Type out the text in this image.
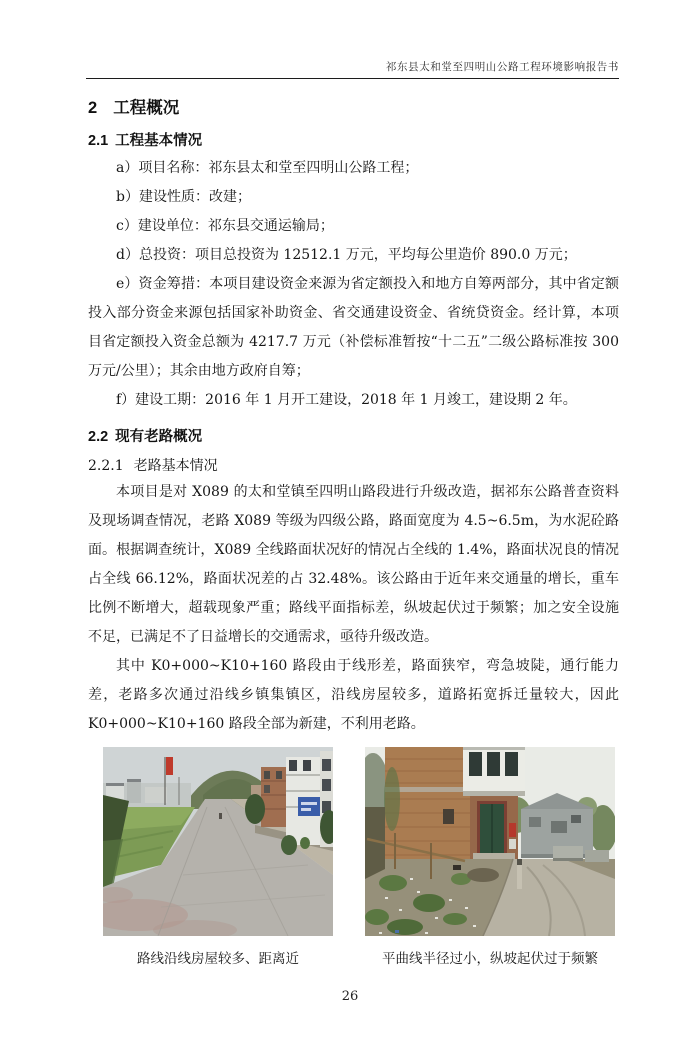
祁东县太和堂至四明山公路工程环境影响报告书
2 工程概况
2.1 工程基本情况

a）项目名称：祁东县太和堂至四明山公路工程；

b）建设性质：改建；

c）建设单位：祁东县交通运输局；

d）总投资：项目总投资为 12512.1 万元，平均每公里造价 890.0 万元；

e）资金筹措：本项目建设资金来源为省定额投入和地方自筹两部分，其中省定额投入部分资金来源包括国家补助资金、省交通建设资金、省统贷资金。经计算，本项目省定额投入资金总额为 4217.7 万元（补偿标准暂按“十二五”二级公路标准按 300万元/公里）；其余由地方政府自筹；

f）建设工期：2016 年 1 月开工建设，2018 年 1 月竣工，建设期 2 年。

2.2 现有老路概况
2.2.1 老路基本情况

本项目是对 X089 的太和堂镇至四明山路段进行升级改造，据祁东公路普查资料及现场调查情况，老路 X089 等级为四级公路，路面宽度为 4.5~6.5m，为水泥砼路面。根据调查统计，X089 全线路面状况好的情况占全线的 1.4%，路面状况良的情况占全线 66.12%，路面状况差的占 32.48%。该公路由于近年来交通量的增长，重车比例不断增大，超载现象严重；路线平面指标差，纵坡起伏过于频繁；加之安全设施不足，已满足不了日益增长的交通需求，亟待升级改造。

其中 K0+000~K10+160 路段由于线形差，路面狭窄，弯急坡陡，通行能力差，老路多次通过沿线乡镇集镇区，沿线房屋较多，道路拓宽拆迁量较大，因此K0+000~K10+160 路段全部为新建，不利用老路。

路线沿线房屋较多、距离近	平曲线半径过小，纵坡起伏过于频繁
26
